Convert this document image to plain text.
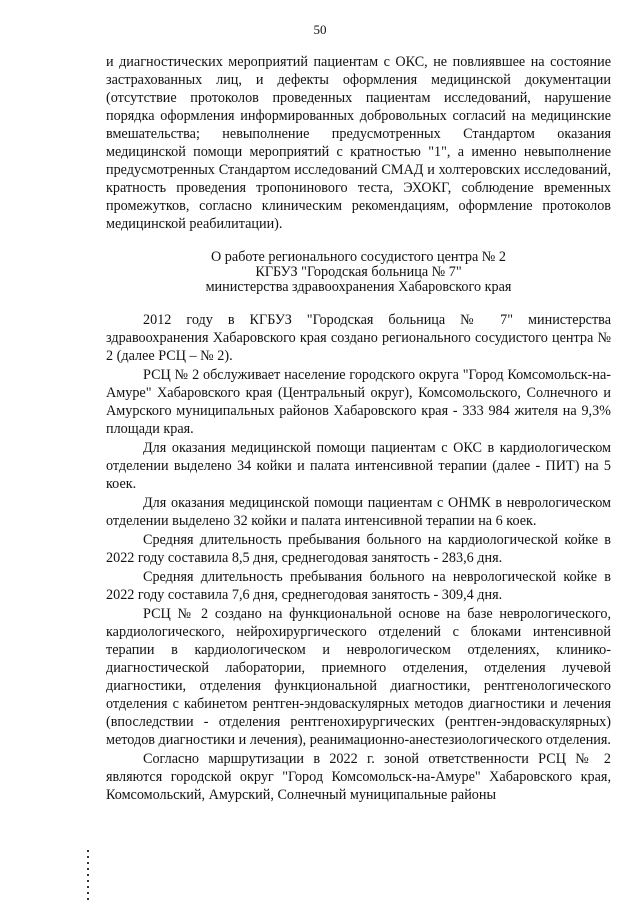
50

и диагностических мероприятий пациентам с ОКС, не повлиявшее на состояние застрахованных лиц, и дефекты оформления медицинской документации (отсутствие протоколов проведенных пациентам исследований, нарушение порядка оформления информированных добровольных согласий на медицинские вмешательства; невыполнение предусмотренных Стандартом оказания медицинской помощи мероприятий с кратностью "1", а именно невыполнение предусмотренных Стандартом исследований СМАД и холтеровских исследований, кратность проведения тропонинового теста, ЭХОКГ, соблюдение временных промежутков, согласно клиническим рекомендациям, оформление протоколов медицинской реабилитации).

О работе регионального сосудистого центра № 2
КГБУЗ "Городская больница № 7"
министерства здравоохранения Хабаровского края

2012 году в КГБУЗ "Городская больница № 7" министерства здравоохранения Хабаровского края создано регионального сосудистого центра № 2 (далее РСЦ – № 2).

РСЦ № 2 обслуживает население городского округа "Город Комсомольск-на-Амуре" Хабаровского края (Центральный округ), Комсомольского, Солнечного и Амурского муниципальных районов Хабаровского края - 333 984 жителя на 9,3% площади края.

Для оказания медицинской помощи пациентам с ОКС в кардиологическом отделении выделено 34 койки и палата интенсивной терапии (далее - ПИТ) на 5 коек.

Для оказания медицинской помощи пациентам с ОНМК в неврологическом отделении выделено 32 койки и палата интенсивной терапии на 6 коек.

Средняя длительность пребывания больного на кардиологической койке в 2022 году составила 8,5 дня, среднегодовая занятость - 283,6 дня.

Средняя длительность пребывания больного на неврологической койке в 2022 году составила 7,6 дня, среднегодовая занятость - 309,4 дня.

РСЦ № 2 создано на функциональной основе на базе неврологического, кардиологического, нейрохирургического отделений с блоками интенсивной терапии в кардиологическом и неврологическом отделениях, клинико-диагностической лаборатории, приемного отделения, отделения лучевой диагностики, отделения функциональной диагностики, рентгенологического отделения с кабинетом рентген-эндоваскулярных методов диагностики и лечения (впоследствии - отделения рентгенохирургических (рентген-эндоваскулярных) методов диагностики и лечения), реанимационно-анестезиологического отделения.

Согласно маршрутизации в 2022 г. зоной ответственности РСЦ № 2 являются городской округ "Город Комсомольск-на-Амуре" Хабаровского края, Комсомольский, Амурский, Солнечный муниципальные районы
